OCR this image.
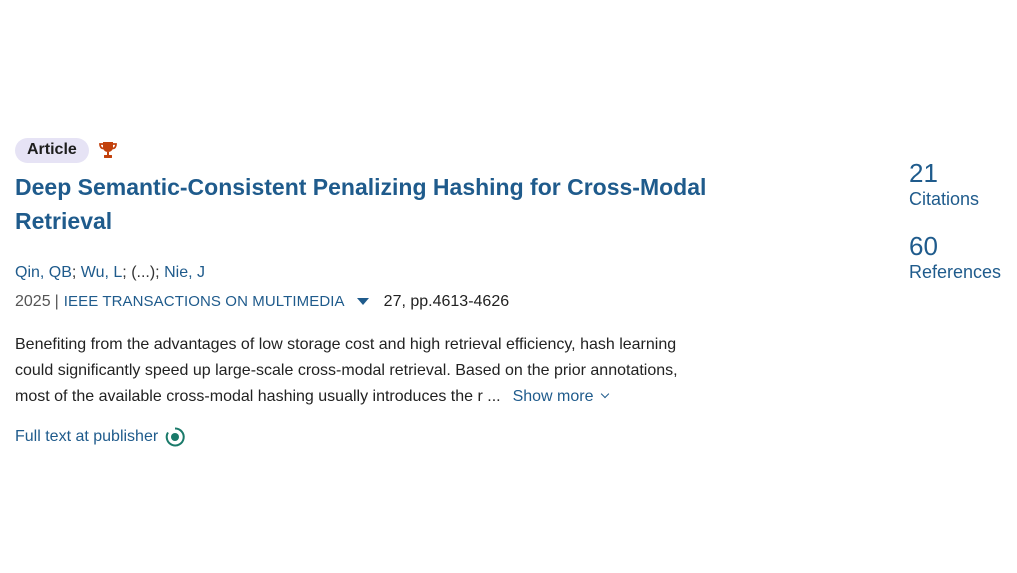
Article
Deep Semantic-Consistent Penalizing Hashing for Cross-Modal Retrieval
Qin, QB; Wu, L; (...); Nie, J
2025 | IEEE TRANSACTIONS ON MULTIMEDIA 27, pp.4613-4626
Benefiting from the advantages of low storage cost and high retrieval efficiency, hash learning
could significantly speed up large-scale cross-modal retrieval. Based on the prior annotations,
most of the available cross-modal hashing usually introduces the r ... Show more
Full text at publisher
21
Citations
60
References
